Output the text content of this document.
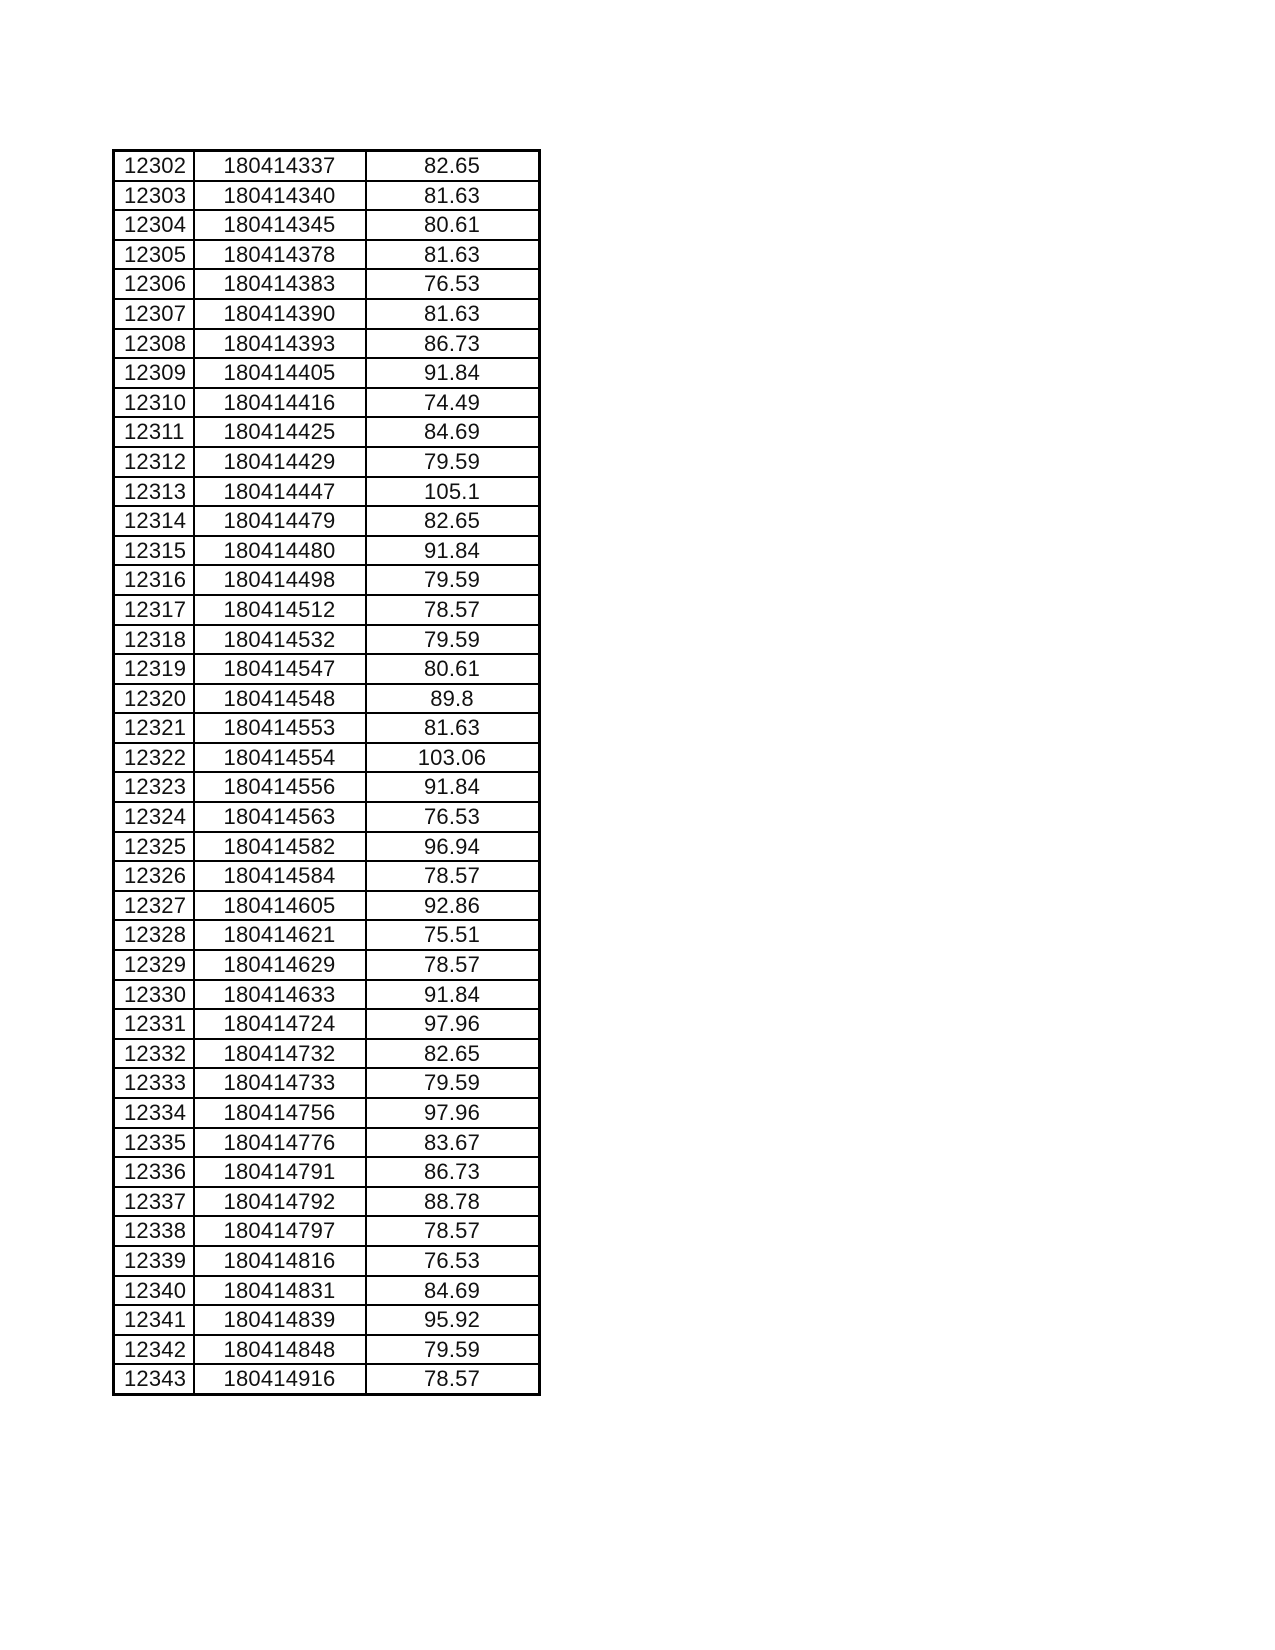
12302	180414337	82.65
12303	180414340	81.63
12304	180414345	80.61
12305	180414378	81.63
12306	180414383	76.53
12307	180414390	81.63
12308	180414393	86.73
12309	180414405	91.84
12310	180414416	74.49
12311	180414425	84.69
12312	180414429	79.59
12313	180414447	105.1
12314	180414479	82.65
12315	180414480	91.84
12316	180414498	79.59
12317	180414512	78.57
12318	180414532	79.59
12319	180414547	80.61
12320	180414548	89.8
12321	180414553	81.63
12322	180414554	103.06
12323	180414556	91.84
12324	180414563	76.53
12325	180414582	96.94
12326	180414584	78.57
12327	180414605	92.86
12328	180414621	75.51
12329	180414629	78.57
12330	180414633	91.84
12331	180414724	97.96
12332	180414732	82.65
12333	180414733	79.59
12334	180414756	97.96
12335	180414776	83.67
12336	180414791	86.73
12337	180414792	88.78
12338	180414797	78.57
12339	180414816	76.53
12340	180414831	84.69
12341	180414839	95.92
12342	180414848	79.59
12343	180414916	78.57
